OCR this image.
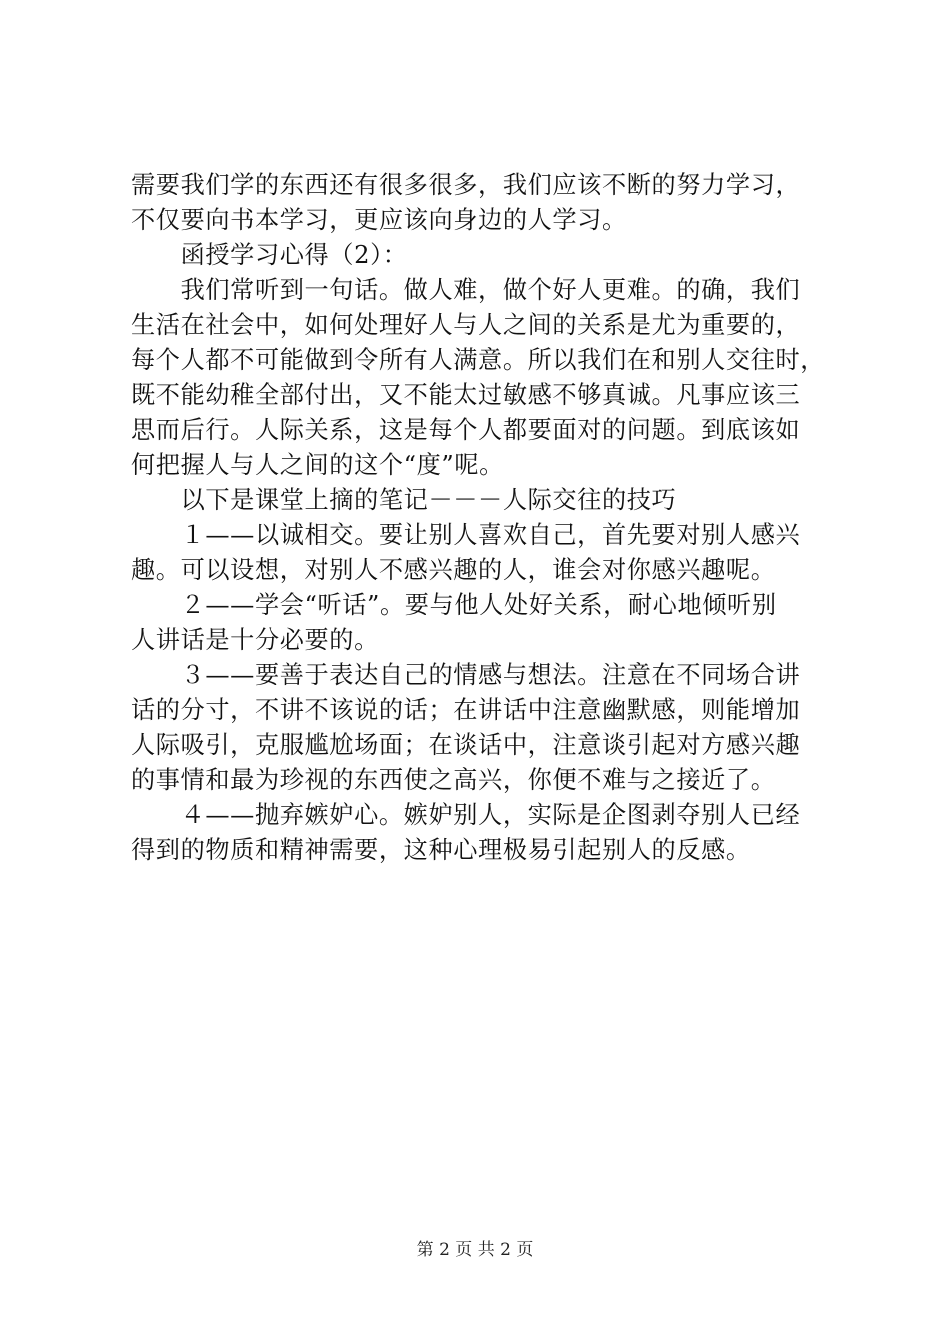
需要我们学的东西还有很多很多，我们应该不断的努力学习，
不仅要向书本学习，更应该向身边的人学习。
　　函授学习心得（2）：
　　我们常听到一句话。做人难，做个好人更难。的确，我们
生活在社会中，如何处理好人与人之间的关系是尤为重要的，
每个人都不可能做到令所有人满意。所以我们在和别人交往时，
既不能幼稚全部付出，又不能太过敏感不够真诚。凡事应该三
思而后行。人际关系，这是每个人都要面对的问题。到底该如
何把握人与人之间的这个“度”呢。
　　以下是课堂上摘的笔记－－－人际交往的技巧
　　１——以诚相交。要让别人喜欢自己，首先要对别人感兴
趣。可以设想，对别人不感兴趣的人，谁会对你感兴趣呢。
　　２——学会“听话”。要与他人处好关系，耐心地倾听别
人讲话是十分必要的。
　　３——要善于表达自己的情感与想法。注意在不同场合讲
话的分寸，不讲不该说的话；在讲话中注意幽默感，则能增加
人际吸引，克服尴尬场面；在谈话中，注意谈引起对方感兴趣
的事情和最为珍视的东西使之高兴，你便不难与之接近了。
　　４——抛弃嫉妒心。嫉妒别人，实际是企图剥夺别人已经
得到的物质和精神需要，这种心理极易引起别人的反感。
第 2 页 共 2 页
